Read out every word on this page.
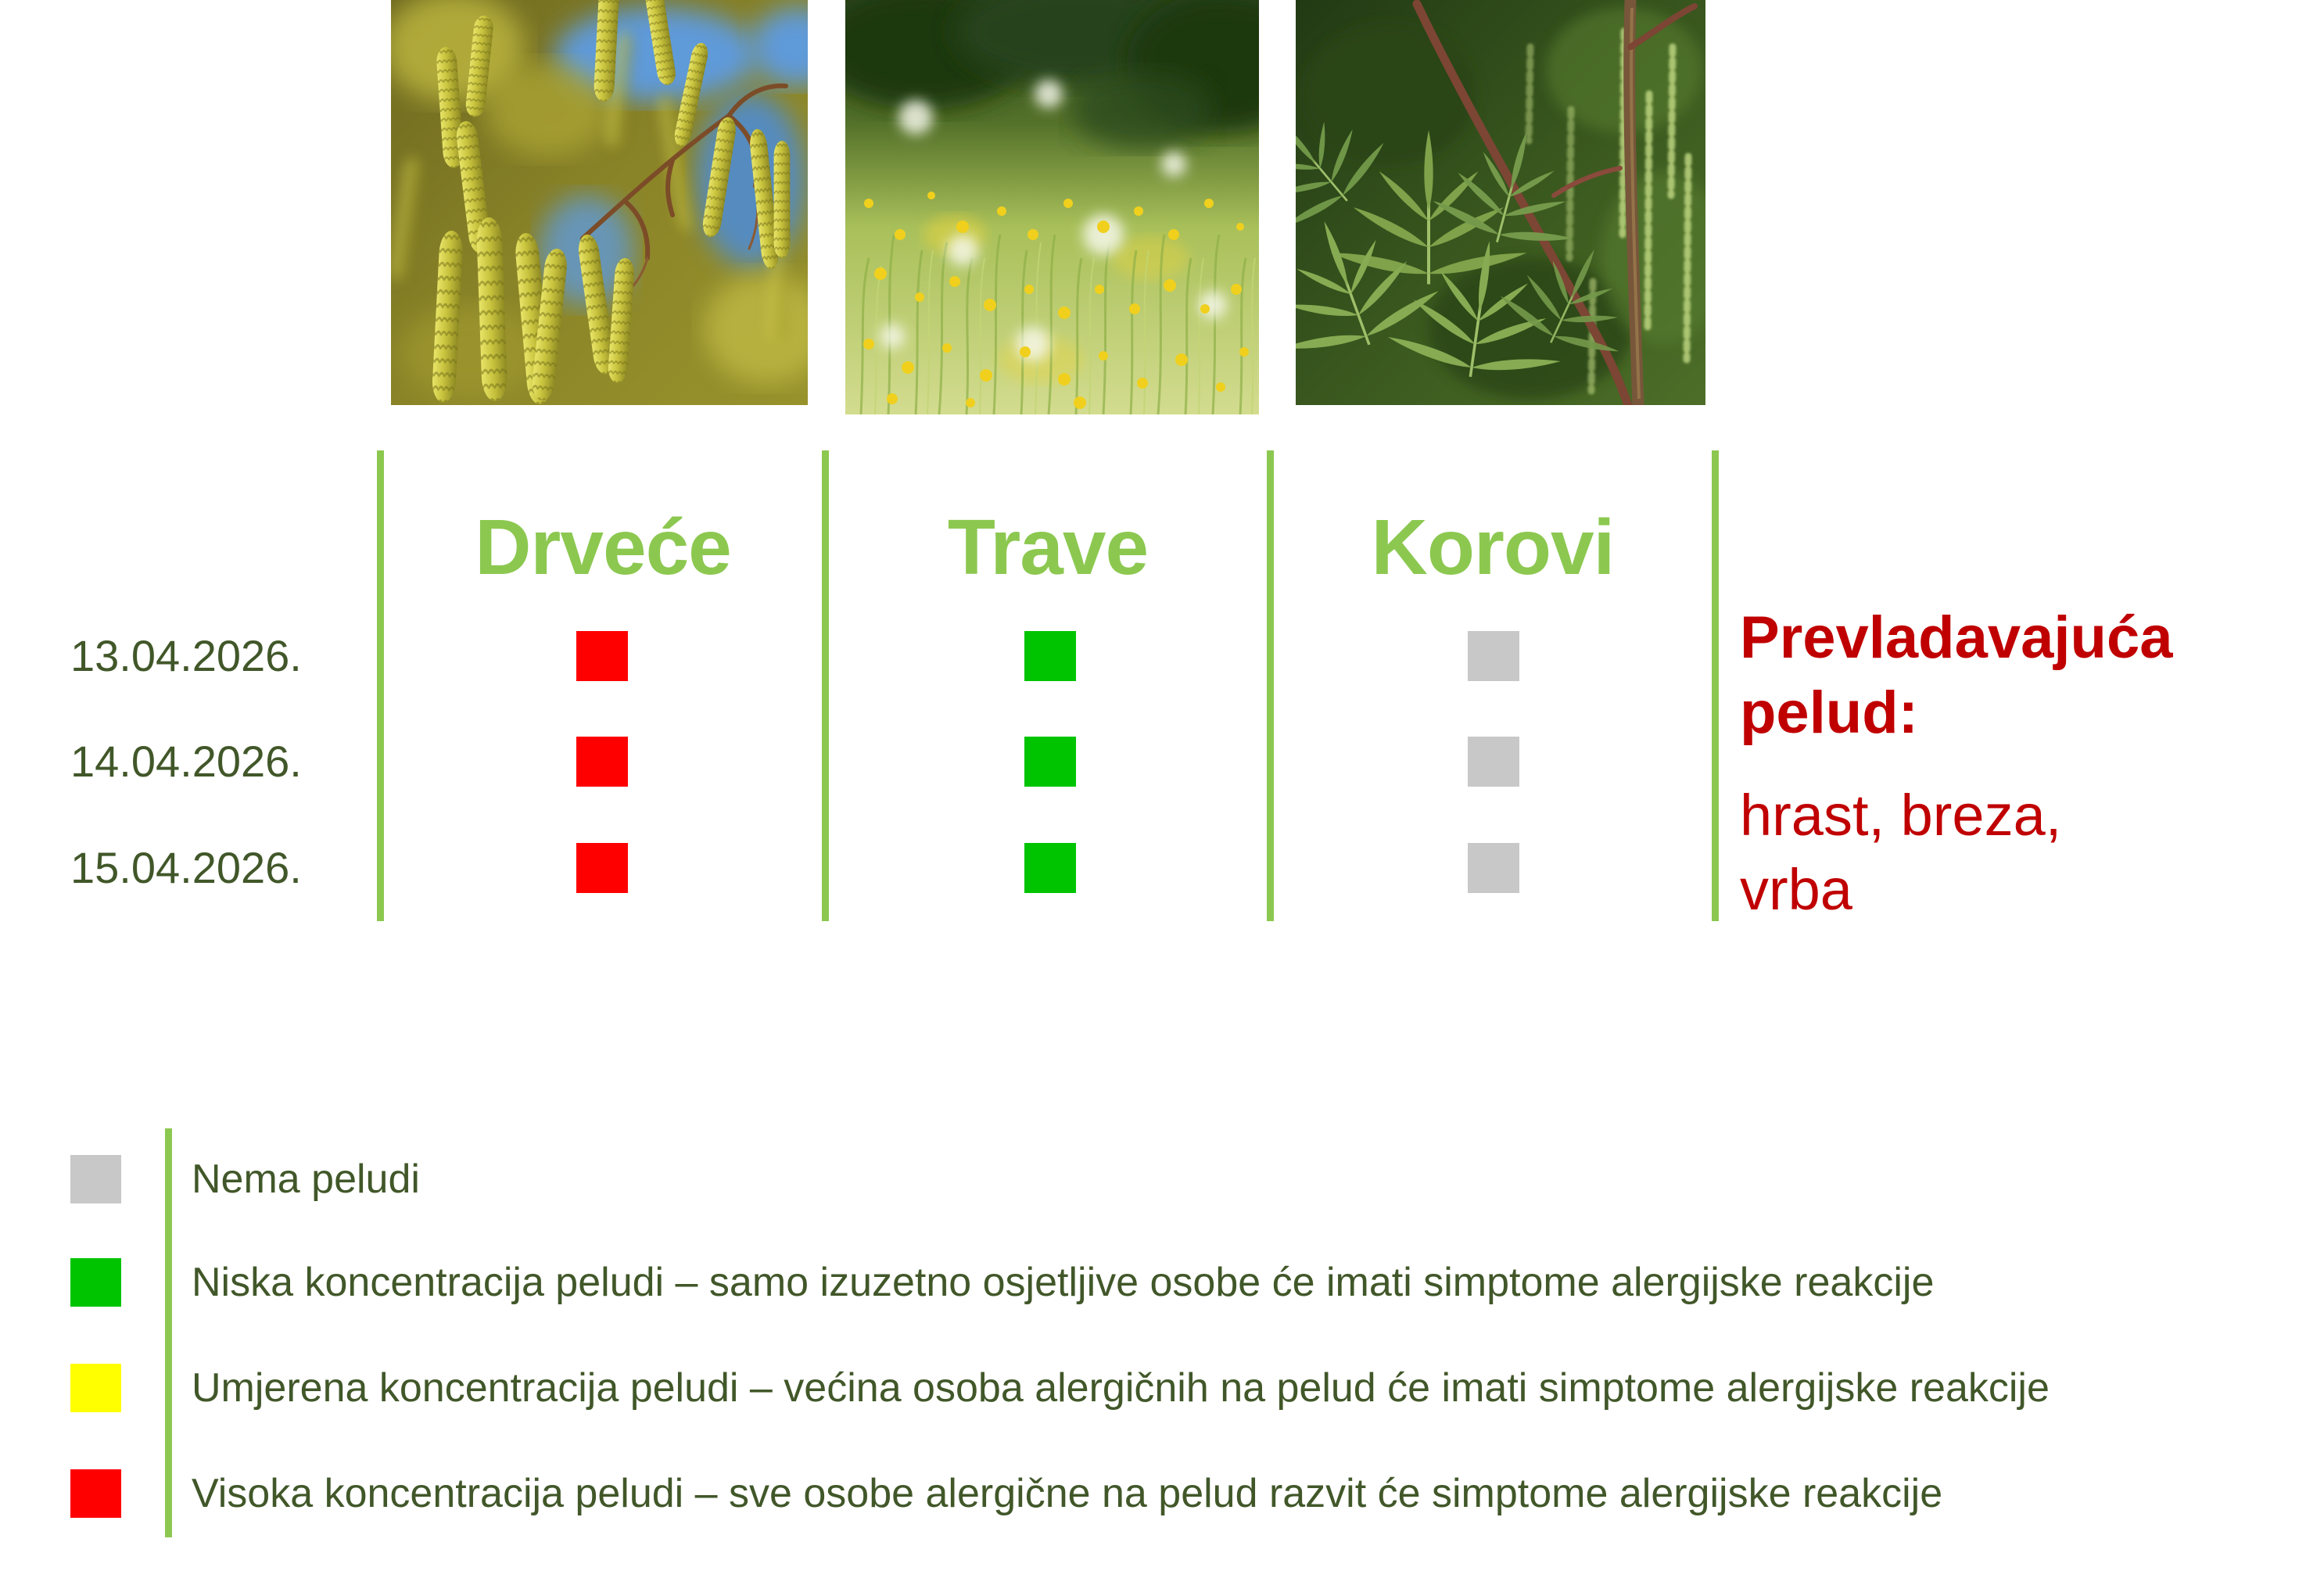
Drveće	Trave	Korovi
13.04.2026.
14.04.2026.
15.04.2026.
Prevladavajuća
pelud:
hrast, breza,
vrba
Nema peludi
Niska koncentracija peludi – samo izuzetno osjetljive osobe će imati simptome alergijske reakcije
Umjerena koncentracija peludi – većina osoba alergičnih na pelud će imati simptome alergijske reakcije
Visoka koncentracija peludi – sve osobe alergične na pelud razvit će simptome alergijske reakcije
